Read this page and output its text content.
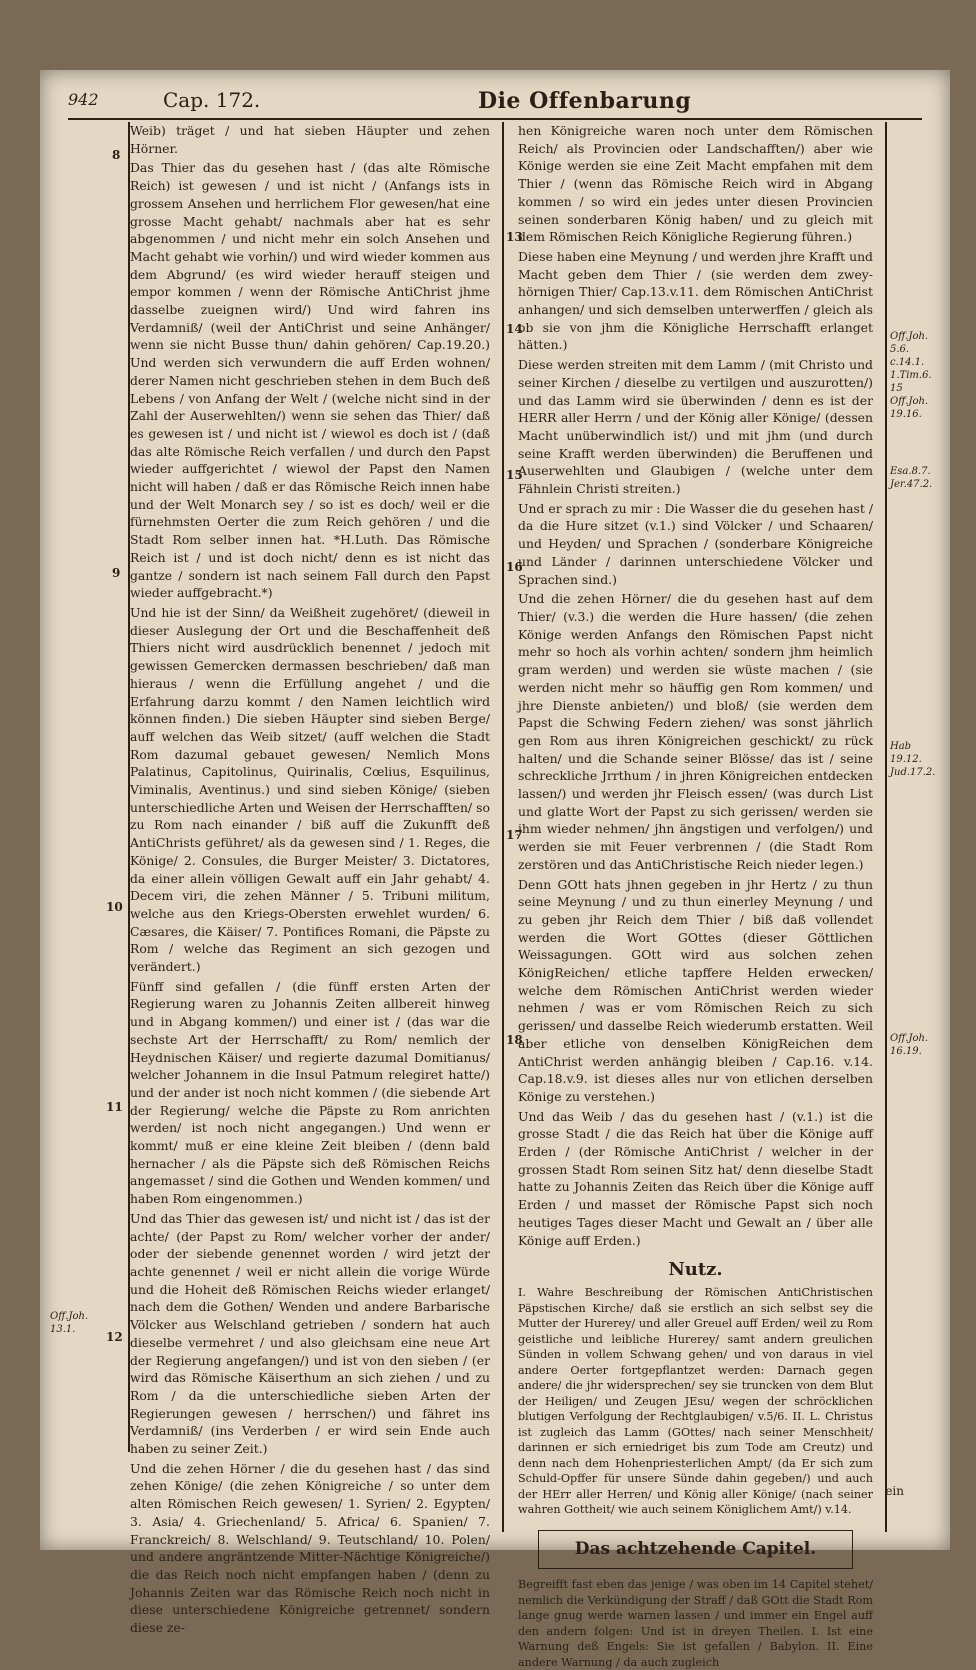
942	Cap. 172.	Die Offenbarung
8
9
10
11
12
13
14
15
16
17
18
Off.Joh. 5.6.
c.14.1.
1.Tim.6. 15
Off.Joh. 19.16.
Esa.8.7.
Jer.47.2.
Hab 19.12.
Jud.17.2.
Off.Joh. 16.19.
Off.Joh. 13.1.

Weib) träget / und hat sieben Häupter und zehen Hörner.

Das Thier das du gesehen hast / (das alte Römische Reich) ist gewesen / und ist nicht / (Anfangs ists in grossem Ansehen und herrlichem Flor gewesen/hat eine grosse Macht gehabt/ nachmals aber hat es sehr abgenommen / und nicht mehr ein solch Ansehen und Macht gehabt wie vorhin/) und wird wieder kommen aus dem Abgrund/ (es wird wieder herauff steigen und empor kommen / wenn der Römische AntiChrist jhme dasselbe zueignen wird/) Und wird fahren ins Verdamniß/ (weil der AntiChrist und seine Anhänger/ wenn sie nicht Busse thun/ dahin gehören/ Cap.19.20.) Und werden sich verwundern die auff Erden wohnen/ derer Namen nicht geschrieben stehen in dem Buch deß Lebens / von Anfang der Welt / (welche nicht sind in der Zahl der Auserwehlten/) wenn sie sehen das Thier/ daß es gewesen ist / und nicht ist / wiewol es doch ist / (daß das alte Römische Reich verfallen / und durch den Papst wieder auffgerichtet / wiewol der Papst den Namen nicht will haben / daß er das Römische Reich innen habe und der Welt Monarch sey / so ist es doch/ weil er die fürnehmsten Oerter die zum Reich gehören / und die Stadt Rom selber innen hat. *H.Luth. Das Römische Reich ist / und ist doch nicht/ denn es ist nicht das gantze / sondern ist nach seinem Fall durch den Papst wieder auffgebracht.*)

Und hie ist der Sinn/ da Weißheit zugehöret/ (dieweil in dieser Auslegung der Ort und die Beschaffenheit deß Thiers nicht wird ausdrücklich benennet / jedoch mit gewissen Gemercken dermassen beschrieben/ daß man hieraus / wenn die Erfüllung angehet / und die Erfahrung darzu kommt / den Namen leichtlich wird können finden.) Die sieben Häupter sind sieben Berge/ auff welchen das Weib sitzet/ (auff welchen die Stadt Rom dazumal gebauet gewesen/ Nemlich Mons Palatinus, Capitolinus, Quirinalis, Cœlius, Esquilinus, Viminalis, Aventinus.) und sind sieben Könige/ (sieben unterschiedliche Arten und Weisen der Herrschafften/ so zu Rom nach einander / biß auff die Zukunfft deß AntiChrists geführet/ als da gewesen sind / 1. Reges, die Könige/ 2. Consules, die Burger Meister/ 3. Dictatores, da einer allein völligen Gewalt auff ein Jahr gehabt/ 4. Decem viri, die zehen Männer / 5. Tribuni militum, welche aus den Kriegs-Obersten erwehlet wurden/ 6. Cæsares, die Käiser/ 7. Pontifices Romani, die Päpste zu Rom / welche das Regiment an sich gezogen und verändert.)

Fünff sind gefallen / (die fünff ersten Arten der Regierung waren zu Johannis Zeiten allbereit hinweg und in Abgang kommen/) und einer ist / (das war die sechste Art der Herrschafft/ zu Rom/ nemlich der Heydnischen Käiser/ und regierte dazumal Domitianus/ welcher Johannem in die Insul Patmum relegiret hatte/) und der ander ist noch nicht kommen / (die siebende Art der Regierung/ welche die Päpste zu Rom anrichten werden/ ist noch nicht angegangen.) Und wenn er kommt/ muß er eine kleine Zeit bleiben / (denn bald hernacher / als die Päpste sich deß Römischen Reichs angemasset / sind die Gothen und Wenden kommen/ und haben Rom eingenommen.)

Und das Thier das gewesen ist/ und nicht ist / das ist der achte/ (der Papst zu Rom/ welcher vorher der ander/ oder der siebende genennet worden / wird jetzt der achte genennet / weil er nicht allein die vorige Würde und die Hoheit deß Römischen Reichs wieder erlanget/ nach dem die Gothen/ Wenden und andere Barbarische Völcker aus Welschland getrieben / sondern hat auch dieselbe vermehret / und also gleichsam eine neue Art der Regierung angefangen/) und ist von den sieben / (er wird das Römische Käiserthum an sich ziehen / und zu Rom / da die unterschiedliche sieben Arten der Regierungen gewesen / herrschen/) und fähret ins Verdamniß/ (ins Verderben / er wird sein Ende auch haben zu seiner Zeit.)

Und die zehen Hörner / die du gesehen hast / das sind zehen Könige/ (die zehen Königreiche / so unter dem alten Römischen Reich gewesen/ 1. Syrien/ 2. Egypten/ 3. Asia/ 4. Griechenland/ 5. Africa/ 6. Spanien/ 7. Franckreich/ 8. Welschland/ 9. Teutschland/ 10. Polen/ und andere angräntzende Mitter-Nächtige Königreiche/) die das Reich noch nicht empfangen haben / (denn zu Johannis Zeiten war das Römische Reich noch nicht in diese unterschiedene Königreiche getrennet/ sondern diese ze-

hen Königreiche waren noch unter dem Römischen Reich/ als Provincien oder Landschafften/) aber wie Könige werden sie eine Zeit Macht empfahen mit dem Thier / (wenn das Römische Reich wird in Abgang kommen / so wird ein jedes unter diesen Provincien seinen sonderbaren König haben/ und zu gleich mit dem Römischen Reich Königliche Regierung führen.)

Diese haben eine Meynung / und werden jhre Krafft und Macht geben dem Thier / (sie werden dem zwey-hörnigen Thier/ Cap.13.v.11. dem Römischen AntiChrist anhangen/ und sich demselben unterwerffen / gleich als ob sie von jhm die Königliche Herrschafft erlanget hätten.)

Diese werden streiten mit dem Lamm / (mit Christo und seiner Kirchen / dieselbe zu vertilgen und auszurotten/) und das Lamm wird sie überwinden / denn es ist der HERR aller Herrn / und der König aller Könige/ (dessen Macht unüberwindlich ist/) und mit jhm (und durch seine Krafft werden überwinden) die Beruffenen und Auserwehlten und Glaubigen / (welche unter dem Fähnlein Christi streiten.)

Und er sprach zu mir : Die Wasser die du gesehen hast / da die Hure sitzet (v.1.) sind Völcker / und Schaaren/ und Heyden/ und Sprachen / (sonderbare Königreiche und Länder / darinnen unterschiedene Völcker und Sprachen sind.)

Und die zehen Hörner/ die du gesehen hast auf dem Thier/ (v.3.) die werden die Hure hassen/ (die zehen Könige werden Anfangs den Römischen Papst nicht mehr so hoch als vorhin achten/ sondern jhm heimlich gram werden) und werden sie wüste machen / (sie werden nicht mehr so häuffig gen Rom kommen/ und jhre Dienste anbieten/) und bloß/ (sie werden dem Papst die Schwing Federn ziehen/ was sonst jährlich gen Rom aus ihren Königreichen geschickt/ zu rück halten/ und die Schande seiner Blösse/ das ist / seine schreckliche Jrrthum / in jhren Königreichen entdecken lassen/) und werden jhr Fleisch essen/ (was durch List und glatte Wort der Papst zu sich gerissen/ werden sie jhm wieder nehmen/ jhn ängstigen und verfolgen/) und werden sie mit Feuer verbrennen / (die Stadt Rom zerstören und das AntiChristische Reich nieder legen.)

Denn GOtt hats jhnen gegeben in jhr Hertz / zu thun seine Meynung / und zu thun einerley Meynung / und zu geben jhr Reich dem Thier / biß daß vollendet werden die Wort GOttes (dieser Göttlichen Weissagungen. GOtt wird aus solchen zehen KönigReichen/ etliche tapffere Helden erwecken/ welche dem Römischen AntiChrist werden wieder nehmen / was er vom Römischen Reich zu sich gerissen/ und dasselbe Reich wiederumb erstatten. Weil aber etliche von denselben KönigReichen dem AntiChrist werden anhängig bleiben / Cap.16. v.14. Cap.18.v.9. ist dieses alles nur von etlichen derselben Könige zu verstehen.)

Und das Weib / das du gesehen hast / (v.1.) ist die grosse Stadt / die das Reich hat über die Könige auff Erden / (der Römische AntiChrist / welcher in der grossen Stadt Rom seinen Sitz hat/ denn dieselbe Stadt hatte zu Johannis Zeiten das Reich über die Könige auff Erden / und masset der Römische Papst sich noch heutiges Tages dieser Macht und Gewalt an / über alle Könige auff Erden.)

Nutz.

I. Wahre Beschreibung der Römischen AntiChristischen Päpstischen Kirche/ daß sie erstlich an sich selbst sey die Mutter der Hurerey/ und aller Greuel auff Erden/ weil zu Rom geistliche und leibliche Hurerey/ samt andern greulichen Sünden in vollem Schwang gehen/ und von daraus in viel andere Oerter fortgepflantzet werden: Darnach gegen andere/ die jhr widersprechen/ sey sie truncken von dem Blut der Heiligen/ und Zeugen JEsu/ wegen der schröcklichen blutigen Verfolgung der Rechtglaubigen/ v.5/6. II. L. Christus ist zugleich das Lamm (GOttes/ nach seiner Menschheit/ darinnen er sich erniedriget bis zum Tode am Creutz) und denn nach dem Hohenpriesterlichen Ampt/ (da Er sich zum Schuld-Opffer für unsere Sünde dahin gegeben/) und auch der HErr aller Herren/ und König aller Könige/ (nach seiner wahren Gottheit/ wie auch seinem Königlichem Amt/) v.14.

Das achtzehende Capitel.

Begreifft fast eben das jenige / was oben im 14 Capitel stehet/ nemlich die Verkündigung der Straff / daß GOtt die Stadt Rom lange gnug werde warnen lassen / und immer ein Engel auff den andern folgen: Und ist in dreyen Theilen. I. Ist eine Warnung deß Engels: Sie ist gefallen / Babylon. II. Eine andere Warnung / da auch zugleich

ein
